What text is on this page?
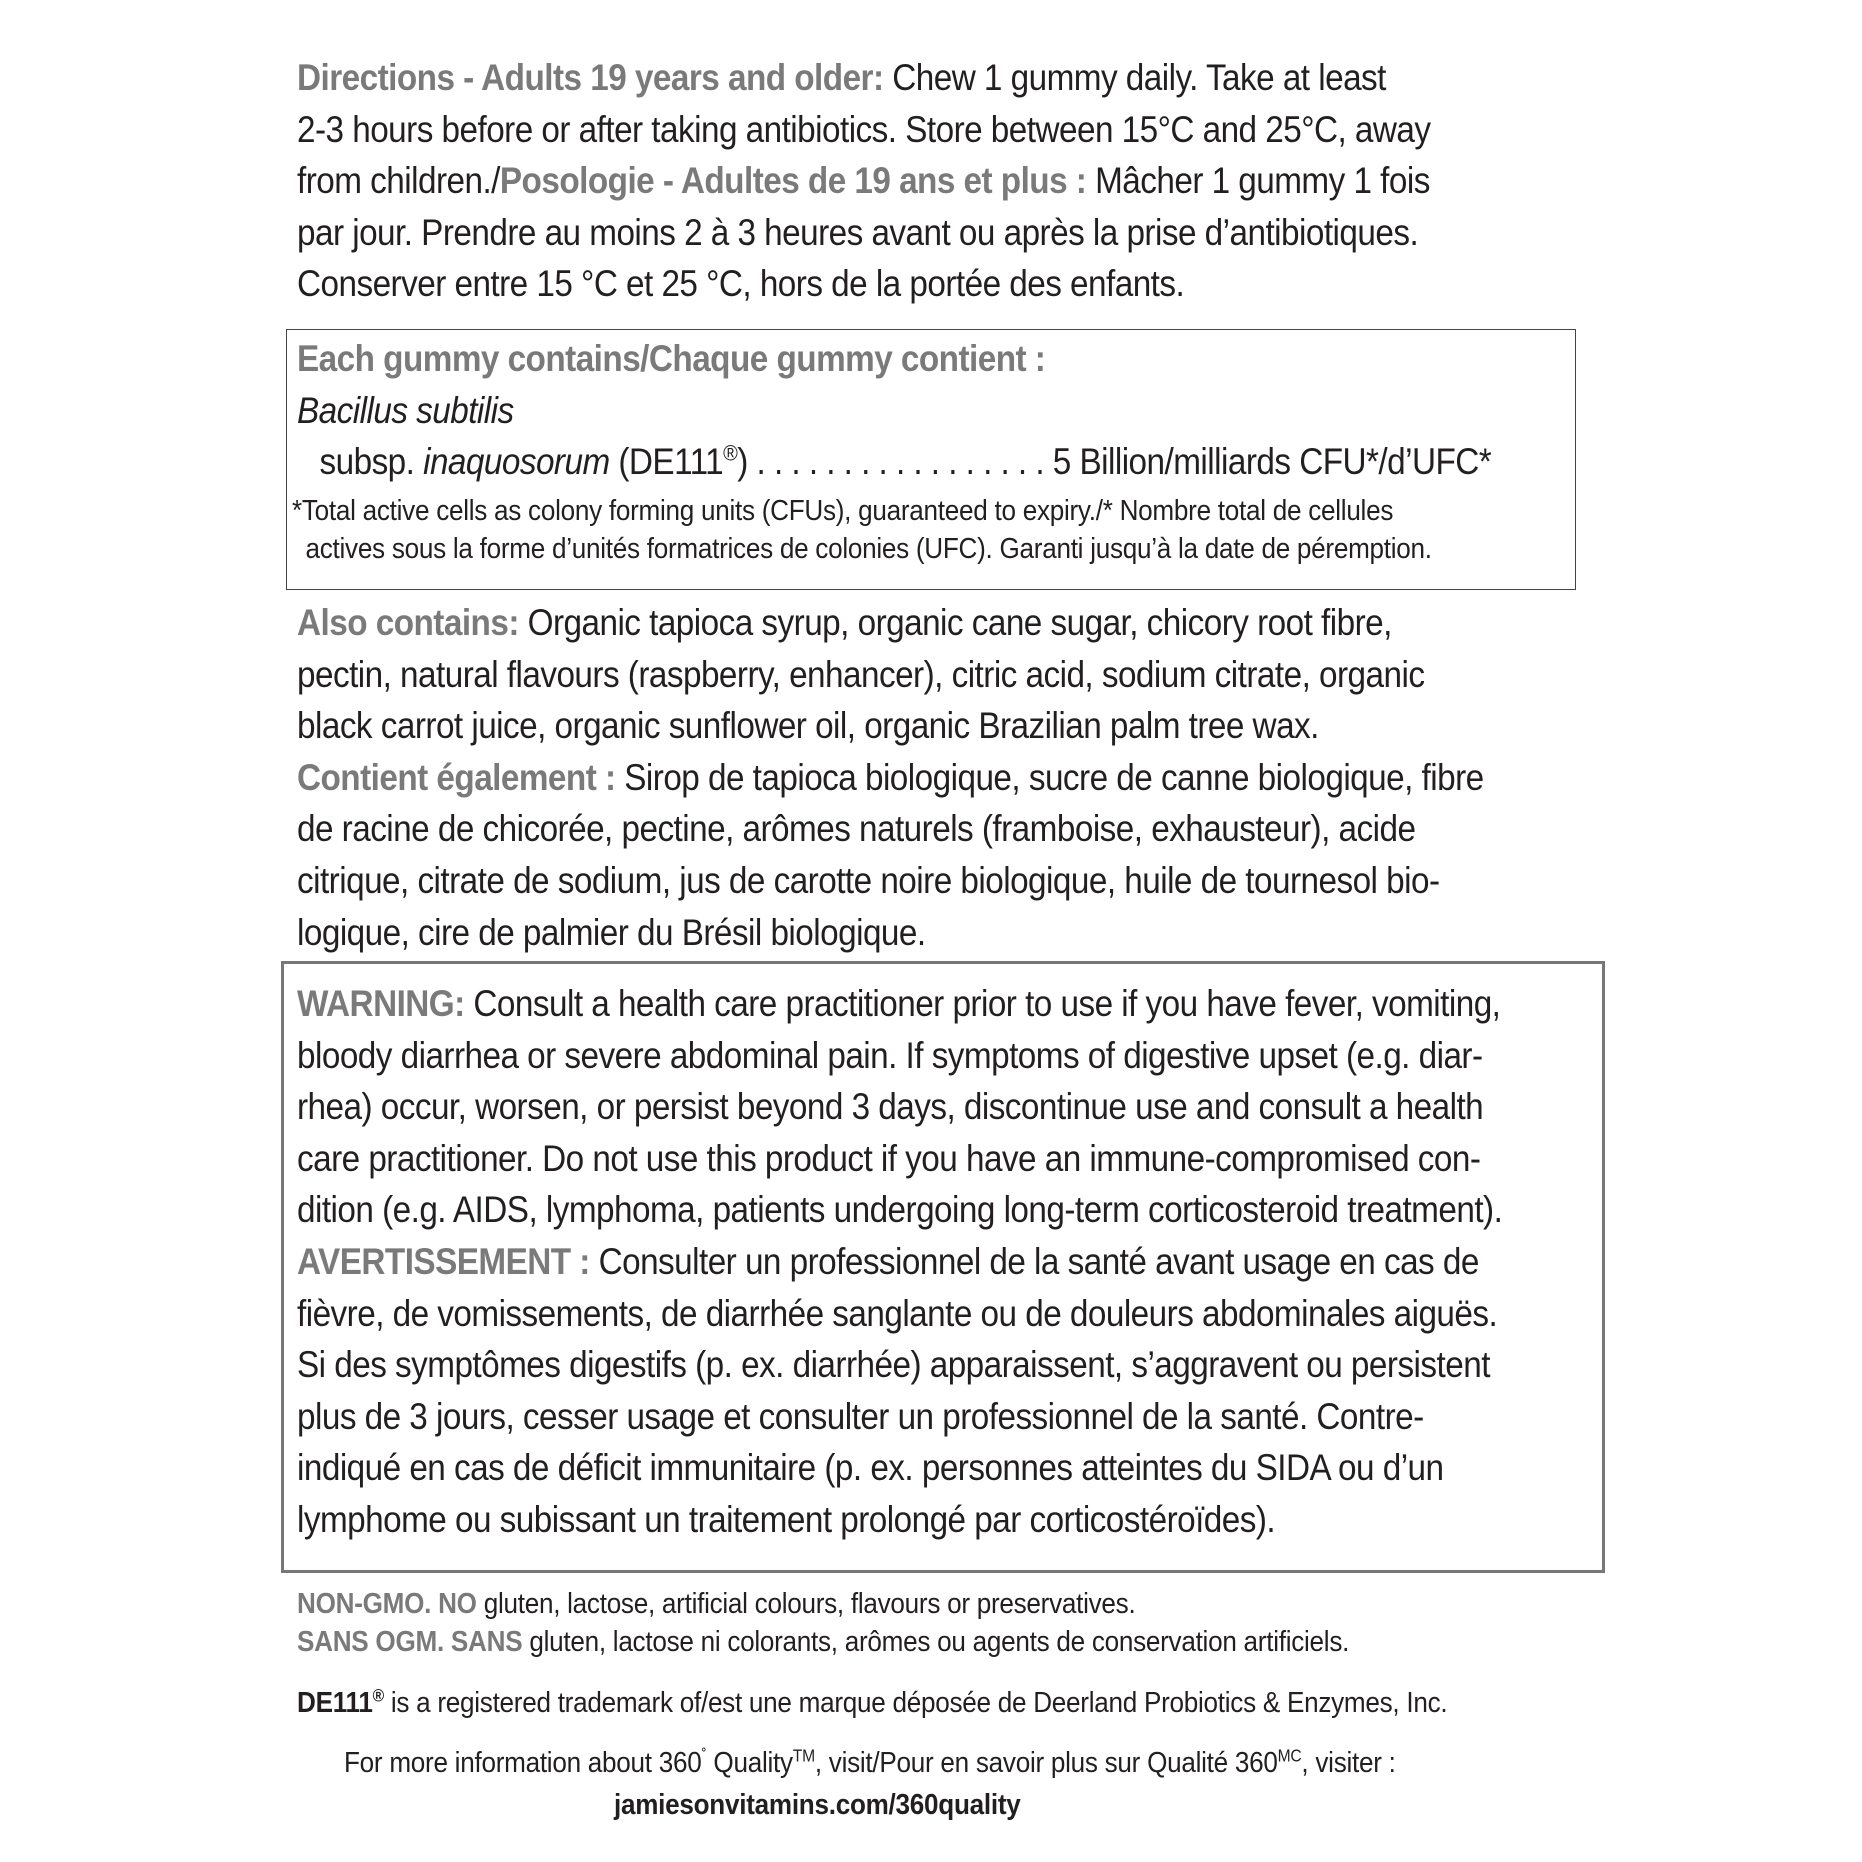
Directions - Adults 19 years and older: Chew 1 gummy daily. Take at least
2-3 hours before or after taking antibiotics. Store between 15°C and 25°C, away
from children./Posologie - Adultes de 19 ans et plus : Mâcher 1 gummy 1 fois
par jour. Prendre au moins 2 à 3 heures avant ou après la prise d’antibiotiques.
Conserver entre 15 °C et 25 °C, hors de la portée des enfants.
Each gummy contains/Chaque gummy contient :
Bacillus subtilis
subsp. inaquosorum (DE111®) . . . . . . . . . . . . . . . . . 5 Billion/milliards CFU*/d’UFC*
*Total active cells as colony forming units (CFUs), guaranteed to expiry./* Nombre total de cellules
actives sous la forme d’unités formatrices de colonies (UFC). Garanti jusqu’à la date de péremption.
Also contains: Organic tapioca syrup, organic cane sugar, chicory root fibre,
pectin, natural flavours (raspberry, enhancer), citric acid, sodium citrate, organic
black carrot juice, organic sunflower oil, organic Brazilian palm tree wax.
Contient également : Sirop de tapioca biologique, sucre de canne biologique, fibre
de racine de chicorée, pectine, arômes naturels (framboise, exhausteur), acide
citrique, citrate de sodium, jus de carotte noire biologique, huile de tournesol bio-
logique, cire de palmier du Brésil biologique.
WARNING: Consult a health care practitioner prior to use if you have fever, vomiting,
bloody diarrhea or severe abdominal pain. If symptoms of digestive upset (e.g. diar-
rhea) occur, worsen, or persist beyond 3 days, discontinue use and consult a health
care practitioner. Do not use this product if you have an immune-compromised con-
dition (e.g. AIDS, lymphoma, patients undergoing long-term corticosteroid treatment).
AVERTISSEMENT : Consulter un professionnel de la santé avant usage en cas de
fièvre, de vomissements, de diarrhée sanglante ou de douleurs abdominales aiguës.
Si des symptômes digestifs (p. ex. diarrhée) apparaissent, s’aggravent ou persistent
plus de 3 jours, cesser usage et consulter un professionnel de la santé. Contre-
indiqué en cas de déficit immunitaire (p. ex. personnes atteintes du SIDA ou d’un
lymphome ou subissant un traitement prolongé par corticostéroïdes).
NON-GMO. NO gluten, lactose, artificial colours, flavours or preservatives.
SANS OGM. SANS gluten, lactose ni colorants, arômes ou agents de conservation artificiels.
DE111® is a registered trademark of/est une marque déposée de Deerland Probiotics & Enzymes, Inc.
For more information about 360˚ Quality™, visit/Pour en savoir plus sur Qualité $360^{MC}$, visiter :
jamiesonvitamins.com/360quality
